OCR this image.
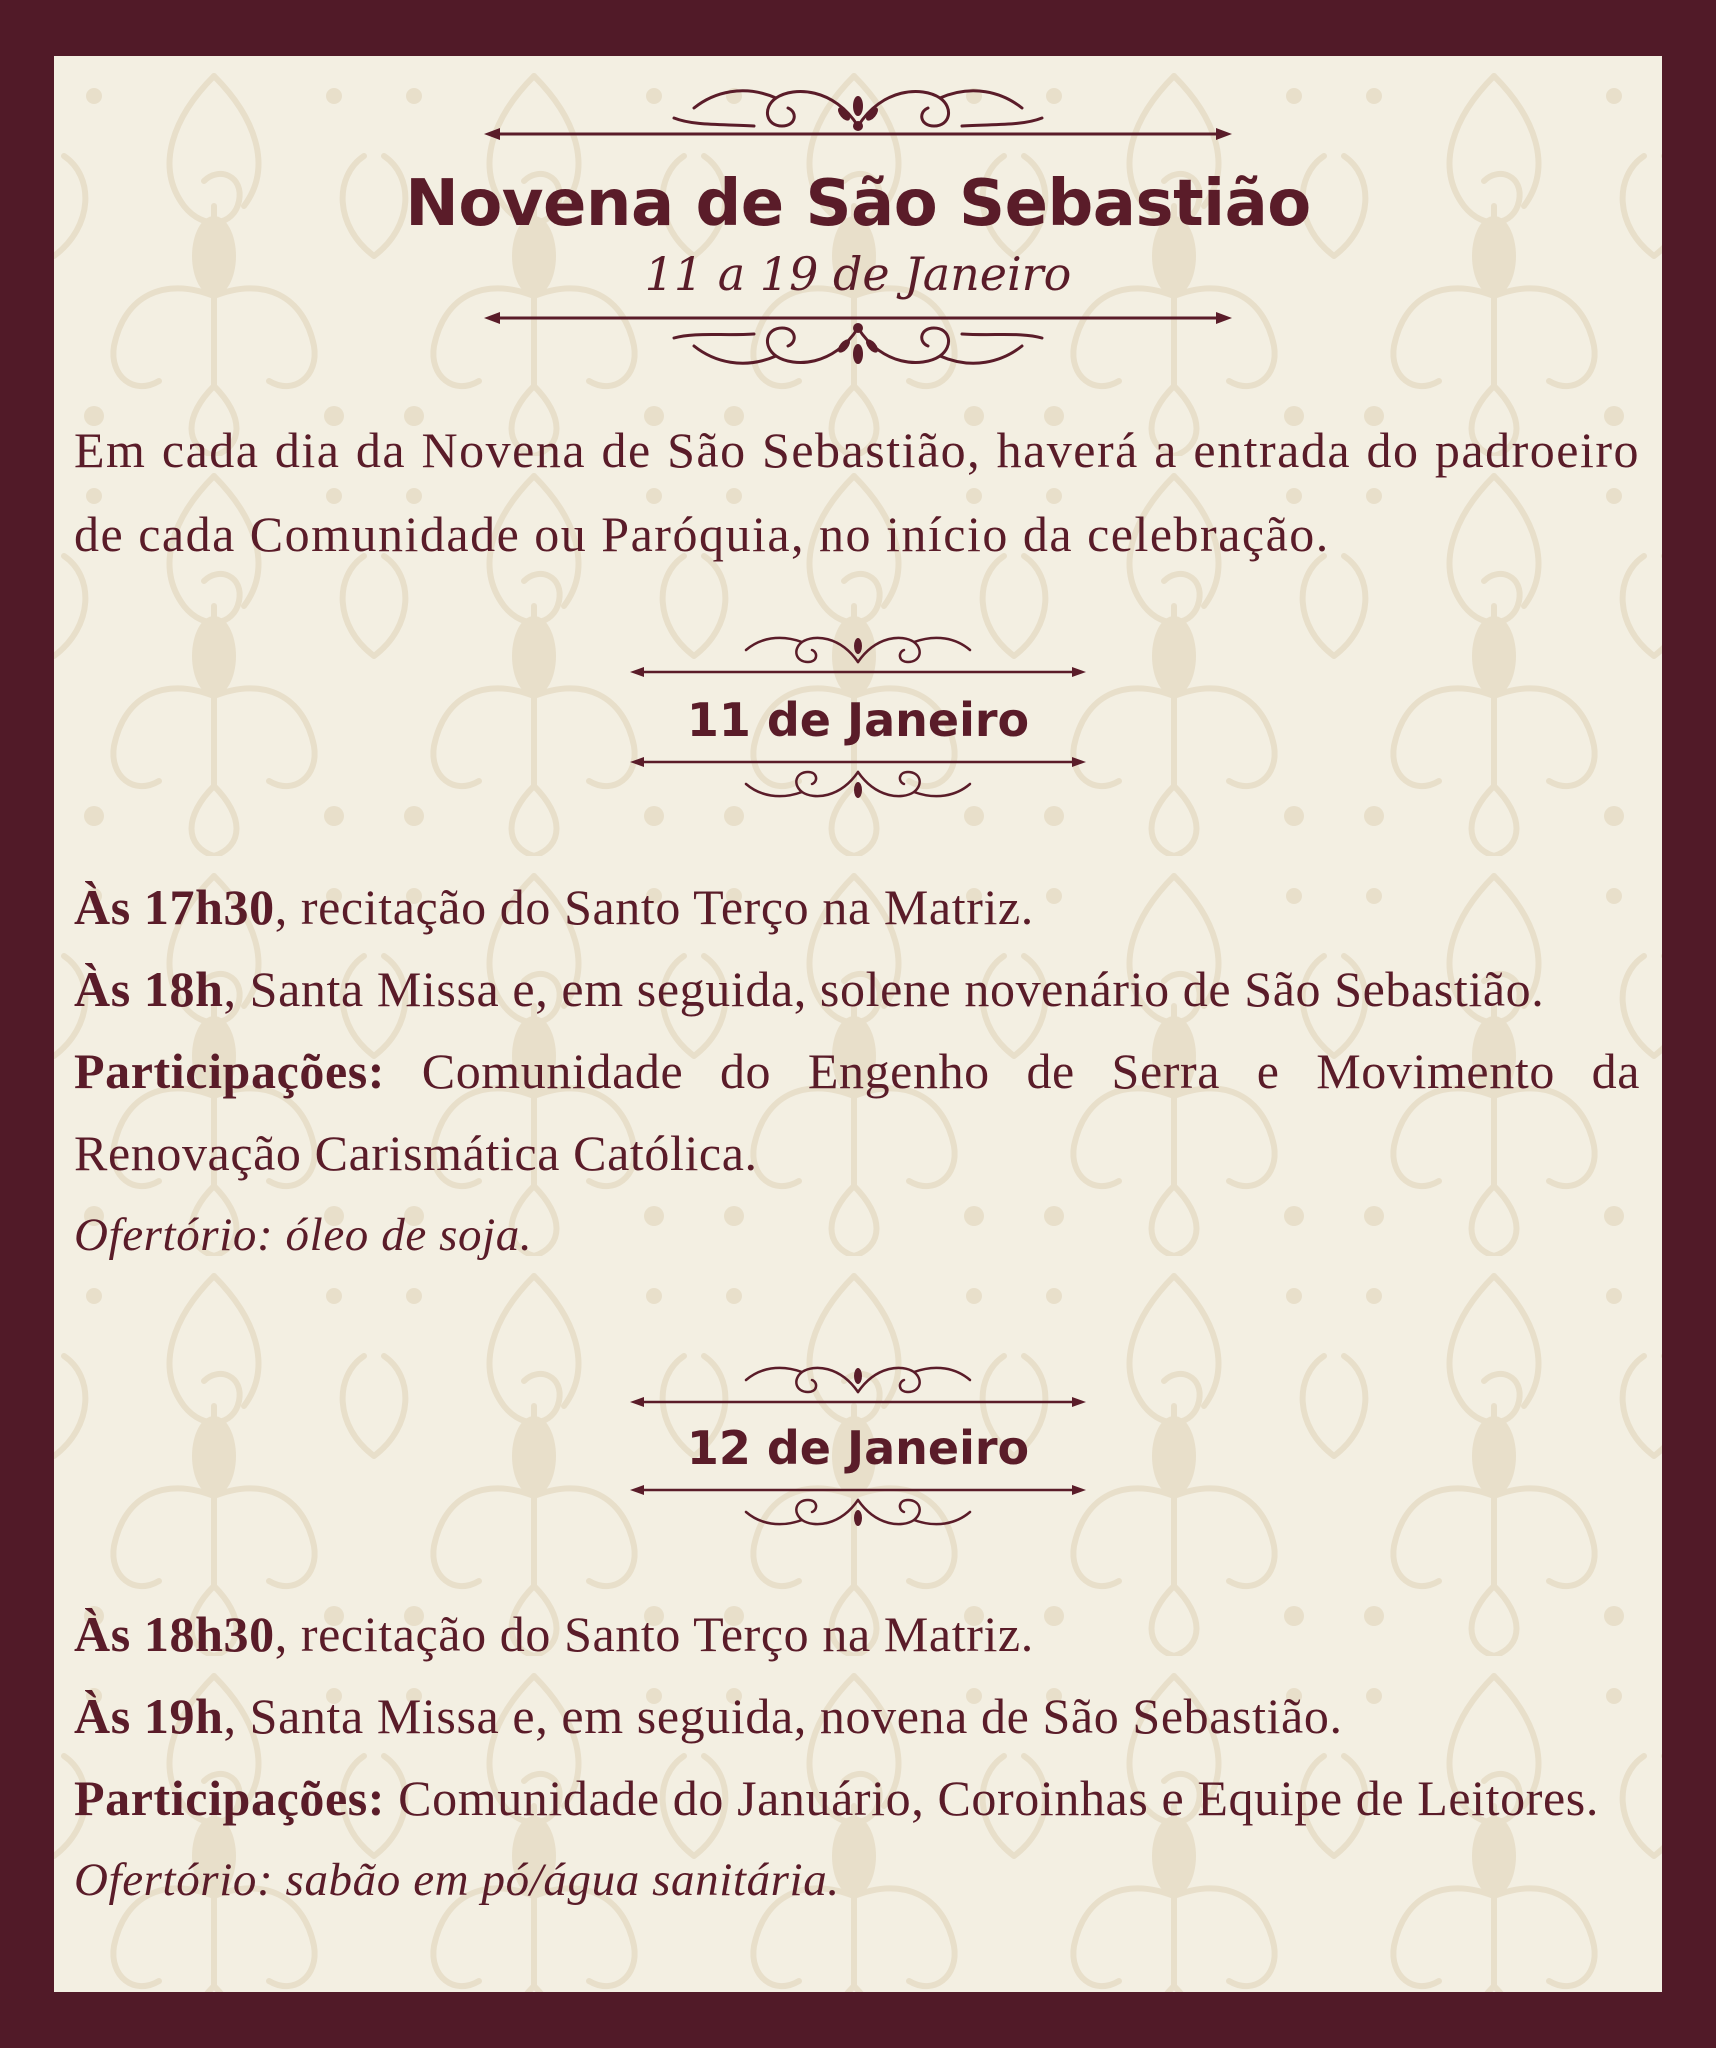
Novena de São Sebastião
11 a 19 de Janeiro
Em cada dia da Novena de São Sebastião, haverá a entrada do padroeiro de cada Comunidade ou Paróquia, no início da celebração.
11 de Janeiro

Às 17h30, recitação do Santo Terço na Matriz.

Às 18h, Santa Missa e, em seguida, solene novenário de São Sebastião.

Participações: Comunidade do Engenho de Serra e Movimento da Renovação Carismática Católica.

Ofertório: óleo de soja.

12 de Janeiro

Às 18h30, recitação do Santo Terço na Matriz.

Às 19h, Santa Missa e, em seguida, novena de São Sebastião.

Participações: Comunidade do Januário, Coroinhas e Equipe de Leitores.

Ofertório: sabão em pó/água sanitária.
